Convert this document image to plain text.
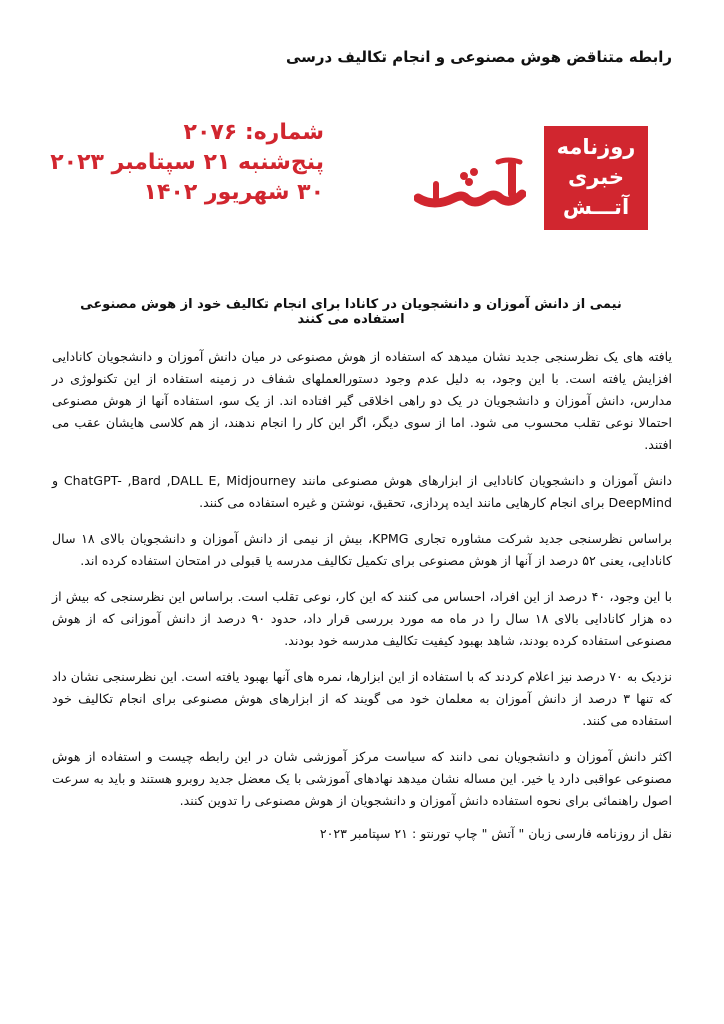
رابطه متناقض هوش مصنوعی و انجام تکالیف درسی
شماره: ۲۰۷۶
پنج‌شنبه ۲۱ سپتامبر ۲۰۲۳
۳۰ شهریور ۱۴۰۲
روزنامه
خبری
آتـــش
نیمی از دانش آموزان و دانشجویان در کانادا برای انجام تکالیف خود از هوش مصنوعی استفاده می کنند

یافته های یک نظرسنجی جدید نشان میدهد که استفاده از هوش مصنوعی در میان دانش آموزان و دانشجویان کانادایی افزایش یافته است. با این وجود، به دلیل عدم وجود دستورالعملهای شفاف در زمینه استفاده از این تکنولوژی در مدارس، دانش آموزان و دانشجویان در یک دو راهی اخلاقی گیر افتاده اند. از یک سو، استفاده آنها از هوش مصنوعی احتمالا نوعی تقلب محسوب می شود. اما از سوی دیگر، اگر این کار را انجام ندهند، از هم کلاسی هایشان عقب می افتند.

دانش آموزان و دانشجویان کانادایی از ابزارهای هوش مصنوعی مانند ChatGPT- ,Bard ,DALL E, Midjourney و DeepMind برای انجام کارهایی مانند ایده پردازی، تحقیق، نوشتن و غیره استفاده می کنند.

براساس نظرسنجی جدید شرکت مشاوره تجاری KPMG، بیش از نیمی از دانش آموزان و دانشجویان بالای ۱۸ سال کانادایی، یعنی ۵۲ درصد از آنها از هوش مصنوعی برای تکمیل تکالیف مدرسه یا قبولی در امتحان استفاده کرده اند.

با این وجود، ۴۰ درصد از این افراد، احساس می کنند که این کار، نوعی تقلب است. براساس این نظرسنجی که بیش از ده هزار کانادایی بالای ۱۸ سال را در ماه مه مورد بررسی قرار داد، حدود ۹۰ درصد از دانش آموزانی که از هوش مصنوعی استفاده کرده بودند، شاهد بهبود کیفیت تکالیف مدرسه خود بودند.

نزدیک به ۷۰ درصد نیز اعلام کردند که با استفاده از این ابزارها، نمره های آنها بهبود یافته است. این نظرسنجی نشان داد که تنها ۳ درصد از دانش آموزان به معلمان خود می گویند که از ابزارهای هوش مصنوعی برای انجام تکالیف خود استفاده می کنند.

اکثر دانش آموزان و دانشجویان نمی دانند که سیاست مرکز آموزشی شان در این رابطه چیست و استفاده از هوش مصنوعی عواقبی دارد یا خیر. این مساله نشان میدهد نهادهای آموزشی با یک معضل جدید روبرو هستند و باید به سرعت اصول راهنمائی برای نحوه استفاده دانش آموزان و دانشجویان از هوش مصنوعی را تدوین کنند.

نقل از روزنامه فارسی زبان " آتش " چاپ تورنتو : ۲۱ سپتامبر ۲۰۲۳
